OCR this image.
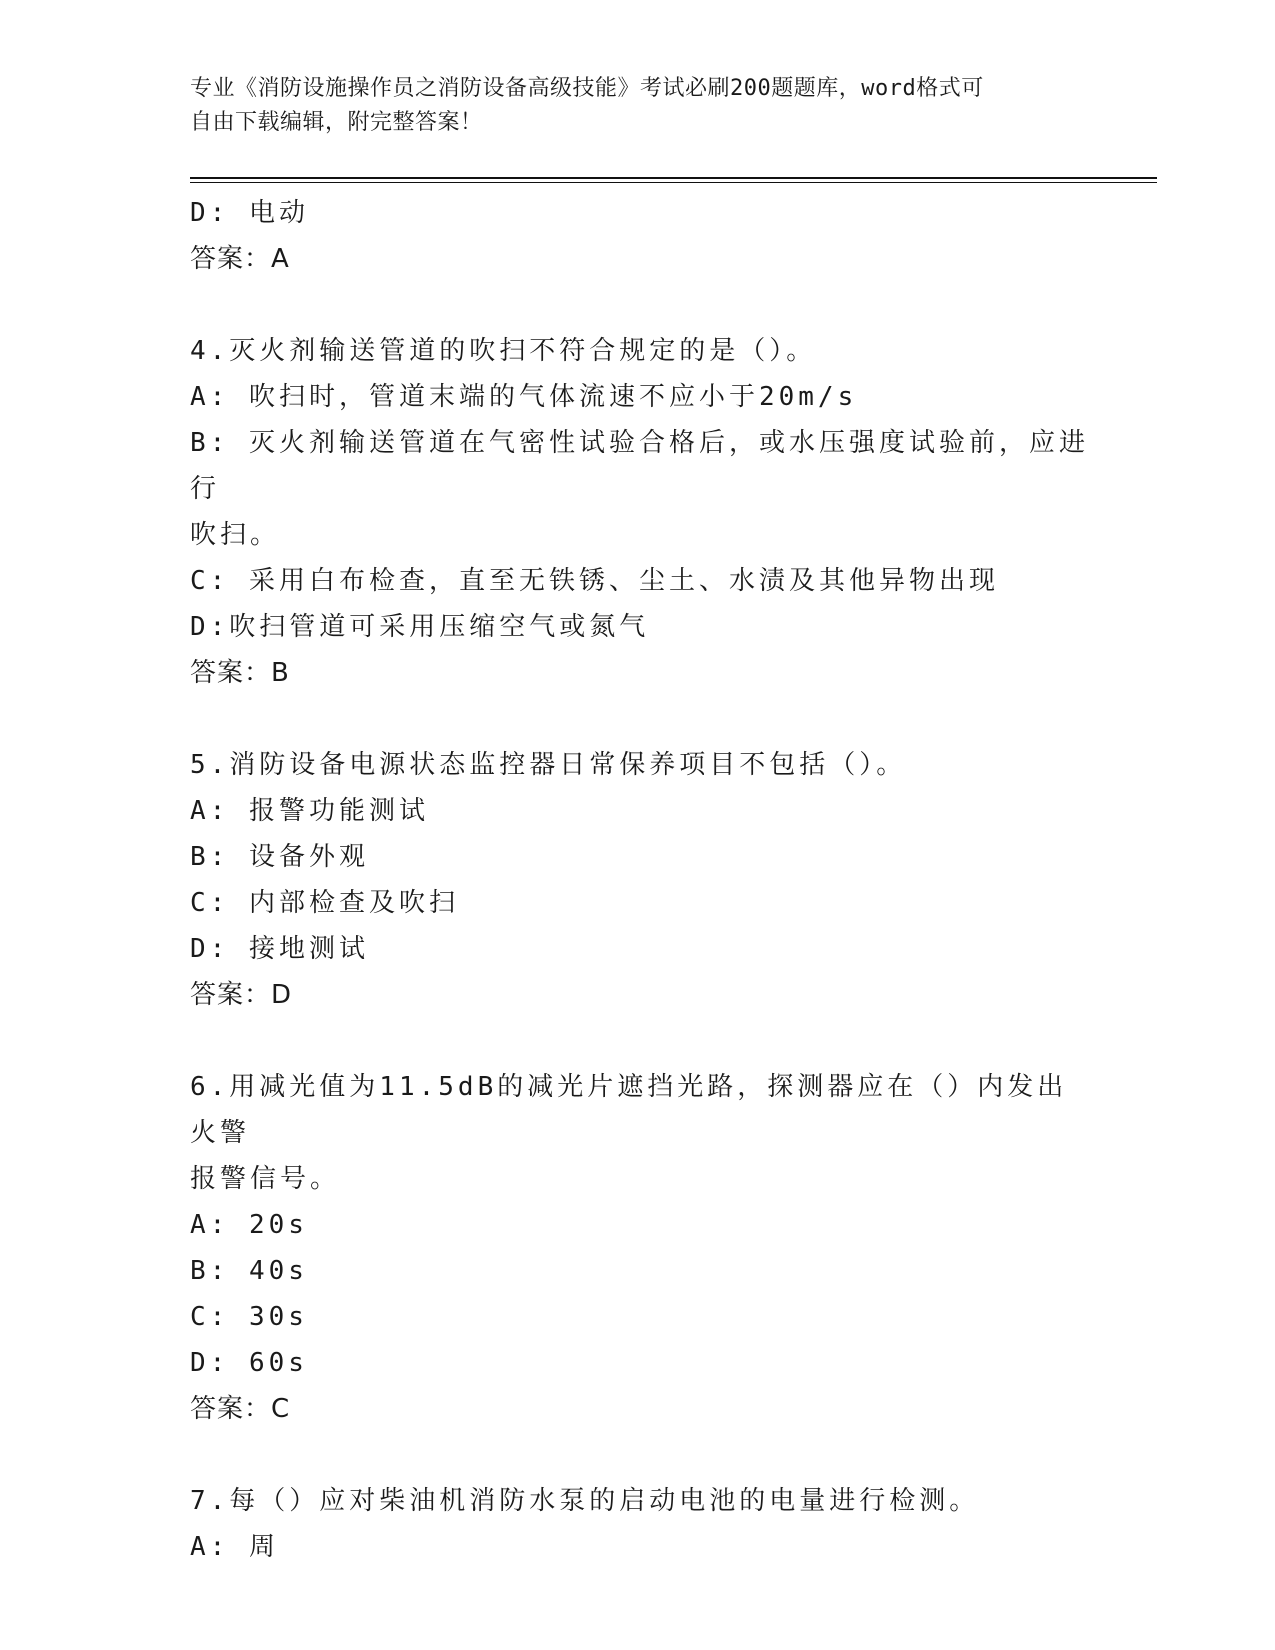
专业《消防设施操作员之消防设备高级技能》考试必刷200题题库，word格式可
自由下载编辑，附完整答案！
D: 电动
答案：A
4.灭火剂输送管道的吹扫不符合规定的是（）。
A: 吹扫时，管道末端的气体流速不应小于20m/s
B: 灭火剂输送管道在气密性试验合格后，或水压强度试验前，应进行
吹扫。
C: 采用白布检查，直至无铁锈、尘土、水渍及其他异物出现
D:吹扫管道可采用压缩空气或氮气
答案：B
5.消防设备电源状态监控器日常保养项目不包括（）。
A: 报警功能测试
B: 设备外观
C: 内部检查及吹扫
D: 接地测试
答案：D
6.用减光值为11.5dB的减光片遮挡光路，探测器应在（）内发出火警
报警信号。
A: 20s
B: 40s
C: 30s
D: 60s
答案：C
7.每（）应对柴油机消防水泵的启动电池的电量进行检测。
A: 周
